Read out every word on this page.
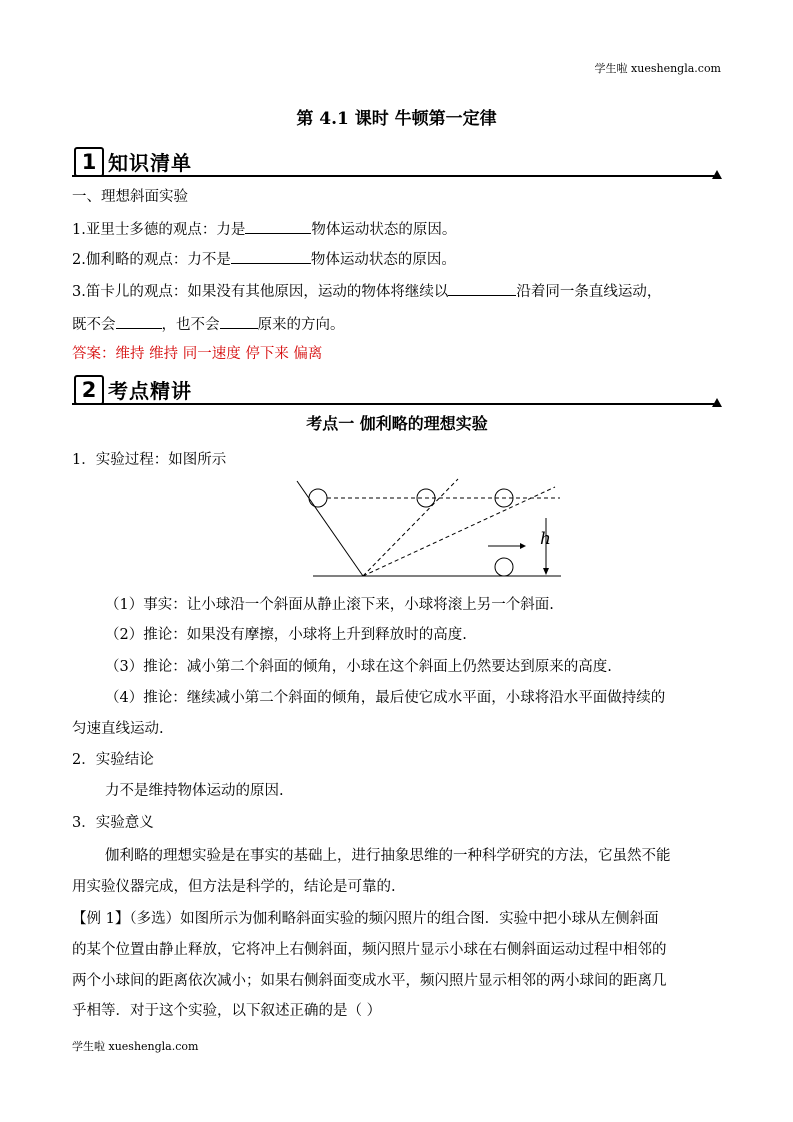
学生啦 xueshengla.com
第 4.1 课时 牛顿第一定律
1 知识清单
一、理想斜面实验
1.亚里士多德的观点：力是	物体运动状态的原因。
2.伽利略的观点：力不是	物体运动状态的原因。
3.笛卡儿的观点：如果没有其他原因，运动的物体将继续以	沿着同一条直线运动，
既不会	，也不会	原来的方向。
答案：维持 维持 同一速度 停下来 偏离
2 考点精讲
考点一 伽利略的理想实验
1．实验过程：如图所示
h
（1）事实：让小球沿一个斜面从静止滚下来，小球将滚上另一个斜面.
（2）推论：如果没有摩擦，小球将上升到释放时的高度.
（3）推论：减小第二个斜面的倾角，小球在这个斜面上仍然要达到原来的高度.
（4）推论：继续减小第二个斜面的倾角，最后使它成水平面，小球将沿水平面做持续的
匀速直线运动.
2．实验结论
力不是维持物体运动的原因.
3．实验意义
伽利略的理想实验是在事实的基础上，进行抽象思维的一种科学研究的方法，它虽然不能
用实验仪器完成，但方法是科学的，结论是可靠的.
【例 1】（多选）如图所示为伽利略斜面实验的频闪照片的组合图．实验中把小球从左侧斜面
的某个位置由静止释放，它将冲上右侧斜面，频闪照片显示小球在右侧斜面运动过程中相邻的
两个小球间的距离依次减小；如果右侧斜面变成水平，频闪照片显示相邻的两小球间的距离几
乎相等．对于这个实验，以下叙述正确的是（ ）
学生啦 xueshengla.com
